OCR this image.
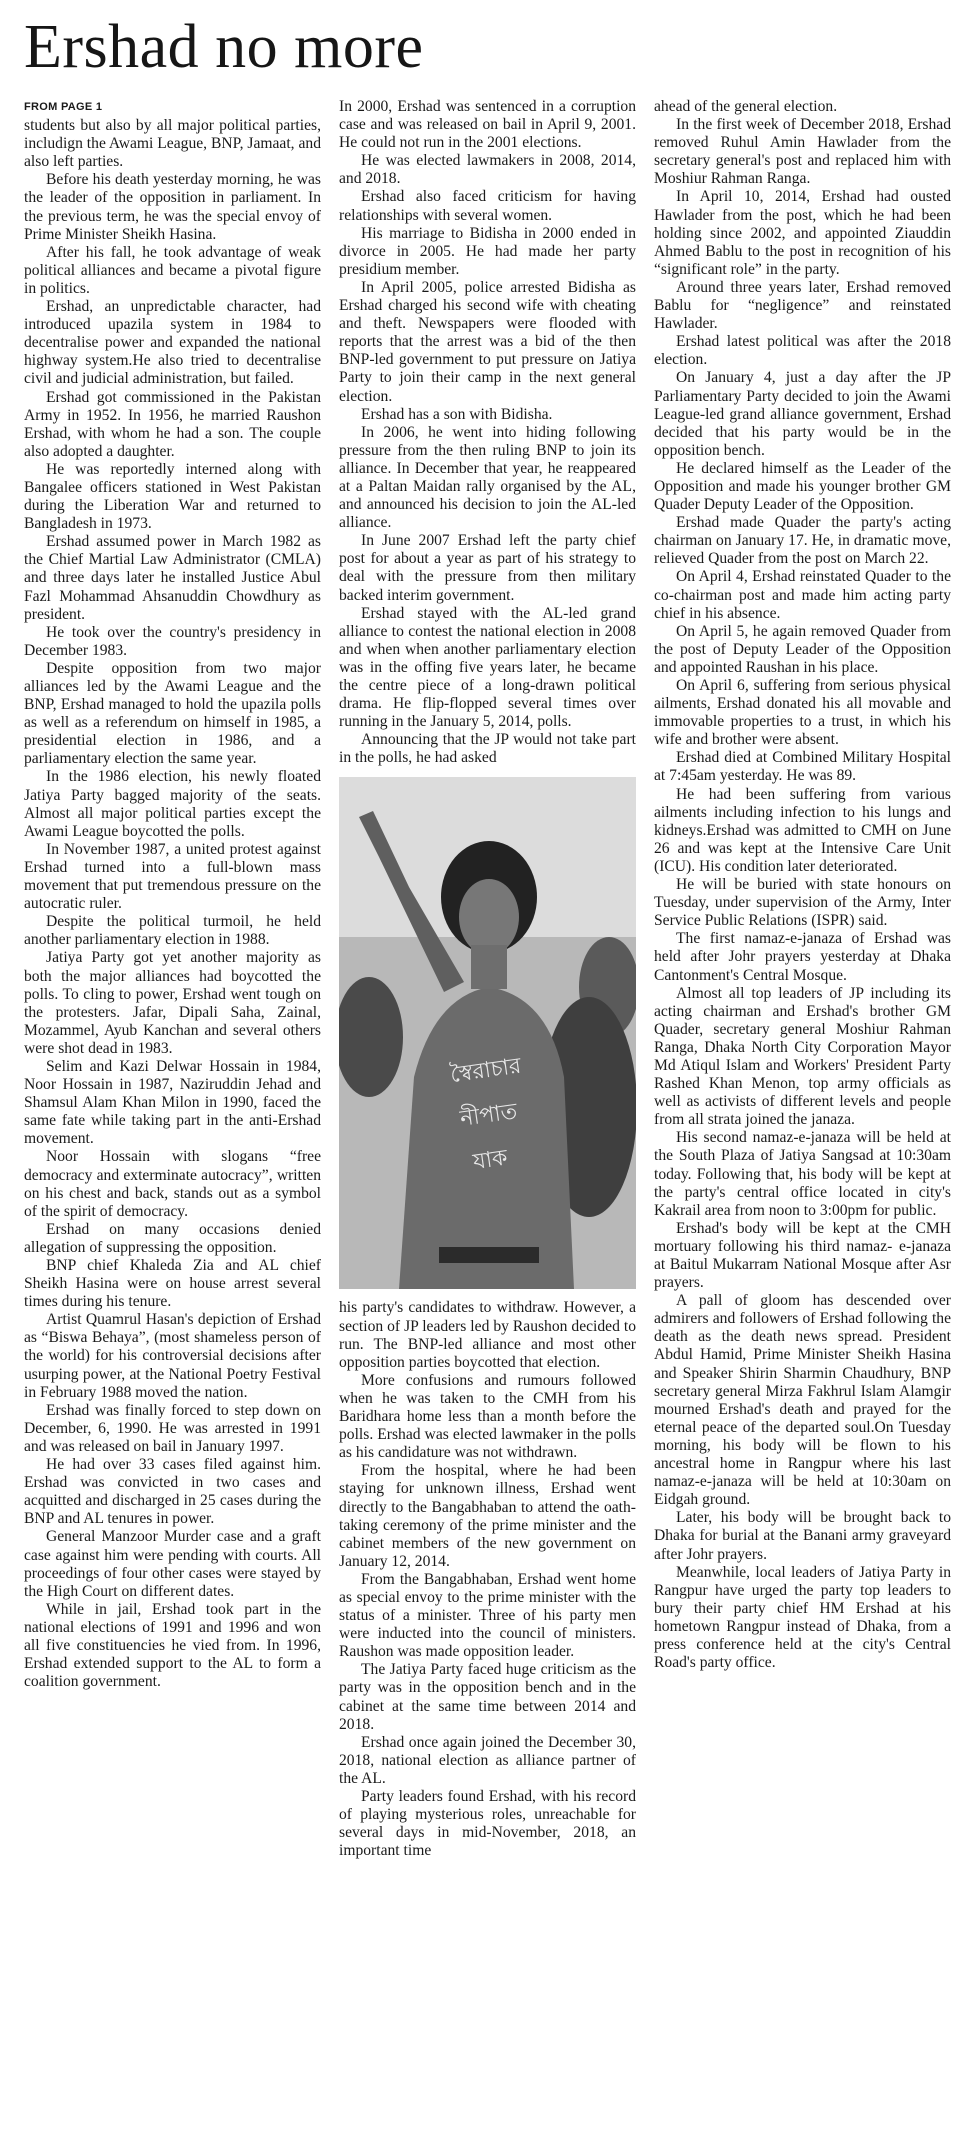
Ershad no more
FROM PAGE 1

students but also by all major political parties, includign the Awami League, BNP, Jamaat, and also left parties.

Before his death yesterday morning, he was the leader of the opposition in parliament. In the previous term, he was the special envoy of Prime Minister Sheikh Hasina.

After his fall, he took advantage of weak political alliances and became a pivotal figure in politics.

Ershad, an unpredictable character, had introduced upazila system in 1984 to decentralise power and expanded the national highway system.He also tried to decentralise civil and judicial administration, but failed.

Ershad got commissioned in the Pakistan Army in 1952. In 1956, he married Raushon Ershad, with whom he had a son. The couple also adopted a daughter.

He was reportedly interned along with Bangalee officers stationed in West Pakistan during the Liberation War and returned to Bangladesh in 1973.

Ershad assumed power in March 1982 as the Chief Martial Law Administrator (CMLA) and three days later he installed Justice Abul Fazl Mohammad Ahsanuddin Chowdhury as president.

He took over the country's presidency in December 1983.

Despite opposition from two major alliances led by the Awami League and the BNP, Ershad managed to hold the upazila polls as well as a referendum on himself in 1985, a presidential election in 1986, and a parliamentary election the same year.

In the 1986 election, his newly floated Jatiya Party bagged majority of the seats. Almost all major political parties except the Awami League boycotted the polls.

In November 1987, a united protest against Ershad turned into a full-blown mass movement that put tremendous pressure on the autocratic ruler.

Despite the political turmoil, he held another parliamentary election in 1988.

Jatiya Party got yet another majority as both the major alliances had boycotted the polls. To cling to power, Ershad went tough on the protesters. Jafar, Dipali Saha, Zainal, Mozammel, Ayub Kanchan and several others were shot dead in 1983.

Selim and Kazi Delwar Hossain in 1984, Noor Hossain in 1987, Naziruddin Jehad and Shamsul Alam Khan Milon in 1990, faced the same fate while taking part in the anti-Ershad movement.

Noor Hossain with slogans “free democracy and exterminate autocracy”, written on his chest and back, stands out as a symbol of the spirit of democracy.

Ershad on many occasions denied allegation of suppressing the opposition.

BNP chief Khaleda Zia and AL chief Sheikh Hasina were on house arrest several times during his tenure.

Artist Quamrul Hasan's depiction of Ershad as “Biswa Behaya”, (most shameless person of the world) for his controversial decisions after usurping power, at the National Poetry Festival in February 1988 moved the nation.

Ershad was finally forced to step down on December, 6, 1990. He was arrested in 1991 and was released on bail in January 1997.

He had over 33 cases filed against him. Ershad was convicted in two cases and acquitted and discharged in 25 cases during the BNP and AL tenures in power.

General Manzoor Murder case and a graft case against him were pending with courts. All proceedings of four other cases were stayed by the High Court on different dates.

While in jail, Ershad took part in the national elections of 1991 and 1996 and won all five constituencies he vied from. In 1996, Ershad extended support to the AL to form a coalition government.

In 2000, Ershad was sentenced in a corruption case and was released on bail in April 9, 2001. He could not run in the 2001 elections.

He was elected lawmakers in 2008, 2014, and 2018.

Ershad also faced criticism for having relationships with several women.

His marriage to Bidisha in 2000 ended in divorce in 2005. He had made her party presidium member.

In April 2005, police arrested Bidisha as Ershad charged his second wife with cheating and theft. Newspapers were flooded with reports that the arrest was a bid of the then BNP-led government to put pressure on Jatiya Party to join their camp in the next general election.

Ershad has a son with Bidisha.

In 2006, he went into hiding following pressure from the then ruling BNP to join its alliance. In December that year, he reappeared at a Paltan Maidan rally organised by the AL, and announced his decision to join the AL-led alliance.

In June 2007 Ershad left the party chief post for about a year as part of his strategy to deal with the pressure from then military backed interim government.

Ershad stayed with the AL-led grand alliance to contest the national election in 2008 and when when another parliamentary election was in the offing five years later, he became the centre piece of a long-drawn political drama. He flip-flopped several times over running in the January 5, 2014, polls.

Announcing that the JP would not take part in the polls, he had asked

স্বৈরাচার
নীপাত
যাক

his party's candidates to withdraw. However, a section of JP leaders led by Raushon decided to run. The BNP-led alliance and most other opposition parties boycotted that election.

More confusions and rumours followed when he was taken to the CMH from his Baridhara home less than a month before the polls. Ershad was elected lawmaker in the polls as his candidature was not withdrawn.

From the hospital, where he had been staying for unknown illness, Ershad went directly to the Bangabhaban to attend the oath-taking ceremony of the prime minister and the cabinet members of the new government on January 12, 2014.

From the Bangabhaban, Ershad went home as special envoy to the prime minister with the status of a minister. Three of his party men were inducted into the council of ministers. Raushon was made opposition leader.

The Jatiya Party faced huge criticism as the party was in the opposition bench and in the cabinet at the same time between 2014 and 2018.

Ershad once again joined the December 30, 2018, national election as alliance partner of the AL.

Party leaders found Ershad, with his record of playing mysterious roles, unreachable for several days in mid-November, 2018, an important time

ahead of the general election.

In the first week of December 2018, Ershad removed Ruhul Amin Hawlader from the secretary general's post and replaced him with Moshiur Rahman Ranga.

In April 10, 2014, Ershad had ousted Hawlader from the post, which he had been holding since 2002, and appointed Ziauddin Ahmed Bablu to the post in recognition of his “significant role” in the party.

Around three years later, Ershad removed Bablu for “negligence” and reinstated Hawlader.

Ershad latest political was after the 2018 election.

On January 4, just a day after the JP Parliamentary Party decided to join the Awami League-led grand alliance government, Ershad decided that his party would be in the opposition bench.

He declared himself as the Leader of the Opposition and made his younger brother GM Quader Deputy Leader of the Opposition.

Ershad made Quader the party's acting chairman on January 17. He, in dramatic move, relieved Quader from the post on March 22.

On April 4, Ershad reinstated Quader to the co-chairman post and made him acting party chief in his absence.

On April 5, he again removed Quader from the post of Deputy Leader of the Opposition and appointed Raushan in his place.

On April 6, suffering from serious physical ailments, Ershad donated his all movable and immovable properties to a trust, in which his wife and brother were absent.

Ershad died at Combined Military Hospital at 7:45am yesterday. He was 89.

He had been suffering from various ailments including infection to his lungs and kidneys.Ershad was admitted to CMH on June 26 and was kept at the Intensive Care Unit (ICU). His condition later deteriorated.

He will be buried with state honours on Tuesday, under supervision of the Army, Inter Service Public Relations (ISPR) said.

The first namaz-e-janaza of Ershad was held after Johr prayers yesterday at Dhaka Cantonment's Central Mosque.

Almost all top leaders of JP including its acting chairman and Ershad's brother GM Quader, secretary general Moshiur Rahman Ranga, Dhaka North City Corporation Mayor Md Atiqul Islam and Workers' President Party Rashed Khan Menon, top army officials as well as activists of different levels and people from all strata joined the janaza.

His second namaz-e-janaza will be held at the South Plaza of Jatiya Sangsad at 10:30am today. Following that, his body will be kept at the party's central office located in city's Kakrail area from noon to 3:00pm for public.

Ershad's body will be kept at the CMH mortuary following his third namaz- e-janaza at Baitul Mukarram National Mosque after Asr prayers.

A pall of gloom has descended over admirers and followers of Ershad following the death as the death news spread. President Abdul Hamid, Prime Minister Sheikh Hasina and Speaker Shirin Sharmin Chaudhury, BNP secretary general Mirza Fakhrul Islam Alamgir mourned Ershad's death and prayed for the eternal peace of the departed soul.On Tuesday morning, his body will be flown to his ancestral home in Rangpur where his last namaz-e-janaza will be held at 10:30am on Eidgah ground.

Later, his body will be brought back to Dhaka for burial at the Banani army graveyard after Johr prayers.

Meanwhile, local leaders of Jatiya Party in Rangpur have urged the party top leaders to bury their party chief HM Ershad at his hometown Rangpur instead of Dhaka, from a press conference held at the city's Central Road's party office.
